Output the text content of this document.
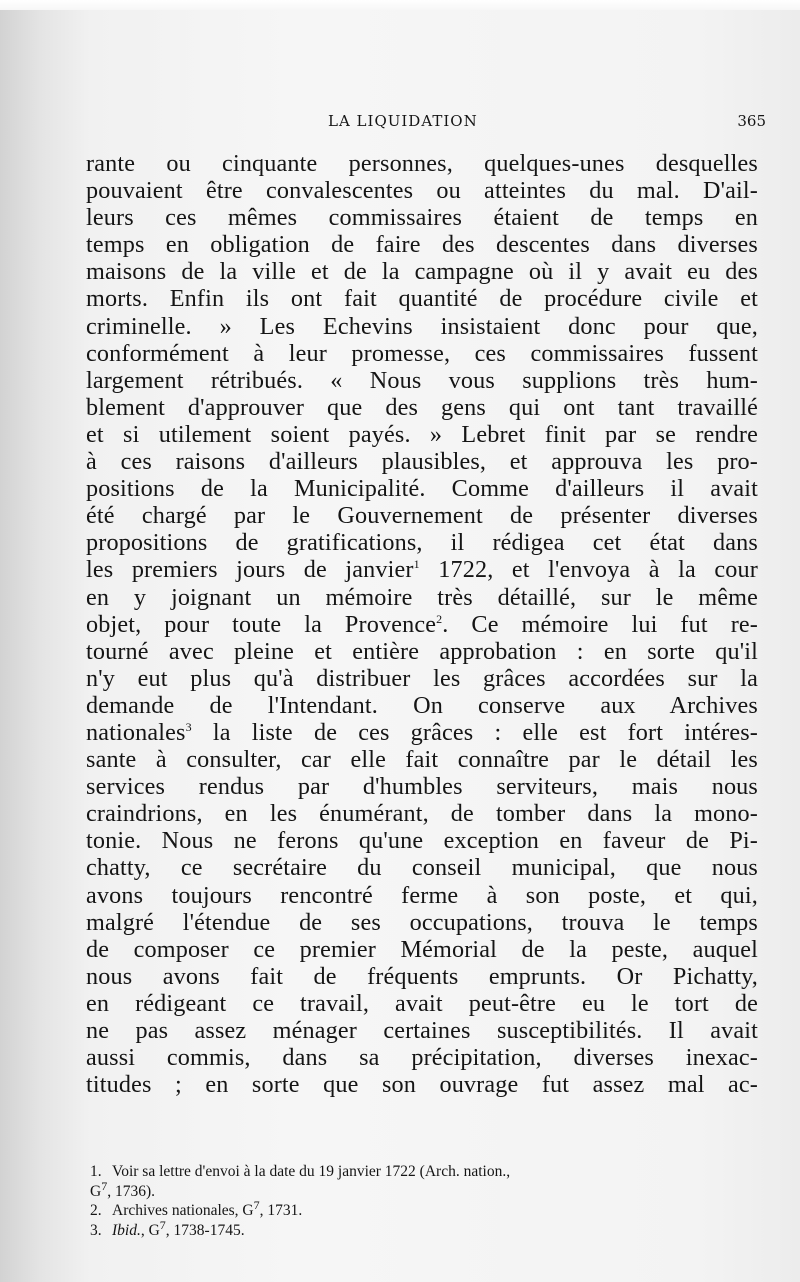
LA LIQUIDATION	365
rante ou cinquante personnes, quelques-unes desquelles
pouvaient être convalescentes ou atteintes du mal. D'ail-
leurs ces mêmes commissaires étaient de temps en
temps en obligation de faire des descentes dans diverses
maisons de la ville et de la campagne où il y avait eu des
morts. Enfin ils ont fait quantité de procédure civile et
criminelle. » Les Echevins insistaient donc pour que,
conformément à leur promesse, ces commissaires fussent
largement rétribués. « Nous vous supplions très hum-
blement d'approuver que des gens qui ont tant travaillé
et si utilement soient payés. » Lebret finit par se rendre
à ces raisons d'ailleurs plausibles, et approuva les pro-
positions de la Municipalité. Comme d'ailleurs il avait
été chargé par le Gouvernement de présenter diverses
propositions de gratifications, il rédigea cet état dans
les premiers jours de janvier$^1$ 1722, et l'envoya à la cour
en y joignant un mémoire très détaillé, sur le même
objet, pour toute la Provence$^2$. Ce mémoire lui fut re-
tourné avec pleine et entière approbation : en sorte qu'il
n'y eut plus qu'à distribuer les grâces accordées sur la
demande de l'Intendant. On conserve aux Archives
nationales$^3$ la liste de ces grâces : elle est fort intéres-
sante à consulter, car elle fait connaître par le détail les
services rendus par d'humbles serviteurs, mais nous
craindrions, en les énumérant, de tomber dans la mono-
tonie. Nous ne ferons qu'une exception en faveur de Pi-
chatty, ce secrétaire du conseil municipal, que nous
avons toujours rencontré ferme à son poste, et qui,
malgré l'étendue de ses occupations, trouva le temps
de composer ce premier Mémorial de la peste, auquel
nous avons fait de fréquents emprunts. Or Pichatty,
en rédigeant ce travail, avait peut-être eu le tort de
ne pas assez ménager certaines susceptibilités. Il avait
aussi commis, dans sa précipitation, diverses inexac-
titudes ; en sorte que son ouvrage fut assez mal ac-
1. Voir sa lettre d'envoi à la date du 19 janvier 1722 (Arch. nation.,
$G^7$, 1736).
2. Archives nationales, $G^7$, 1731.
3. Ibid., $G^7$, 1738-1745.
